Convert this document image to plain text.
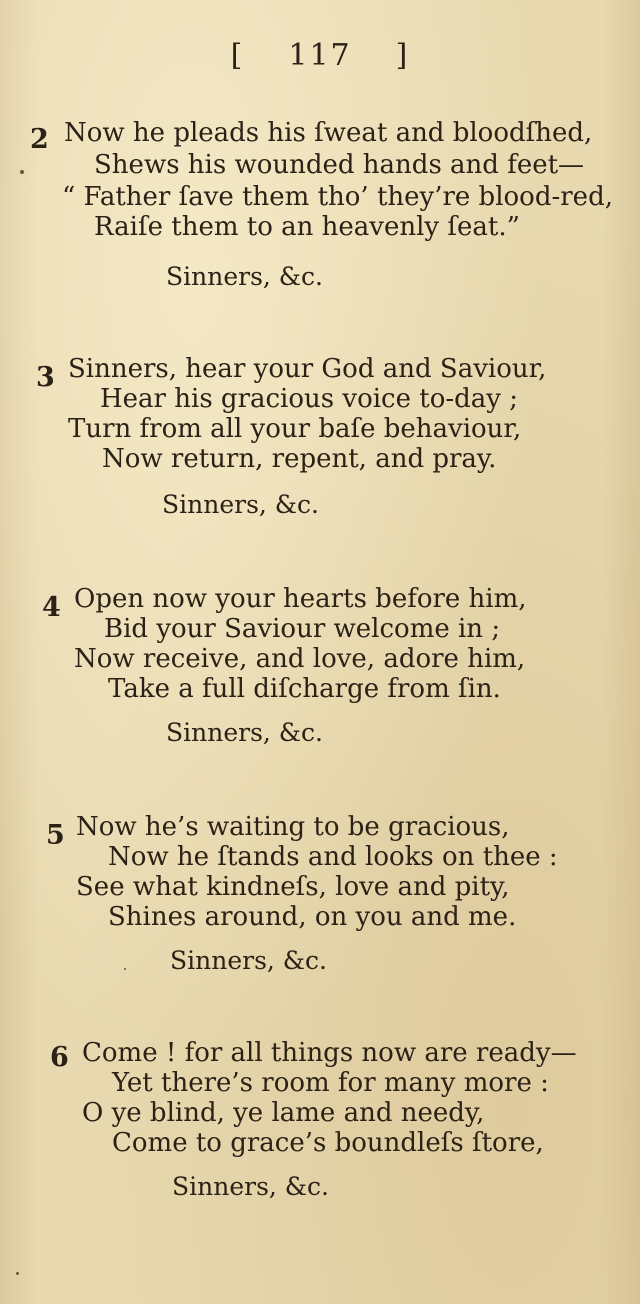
[ 117 ]
2 Now he pleads his ſweat and bloodſhed,
Shews his wounded hands and feet—
“ Father ſave them tho’ they’re blood-red,
Raiſe them to an heavenly ſeat.”
Sinners, &c.
3 Sinners, hear your God and Saviour,
Hear his gracious voice to-day ;
Turn from all your baſe behaviour,
Now return, repent, and pray.
Sinners, &c.
4 Open now your hearts before him,
Bid your Saviour welcome in ;
Now receive, and love, adore him,
Take a full diſcharge from ſin.
Sinners, &c.
5 Now he’s waiting to be gracious,
Now he ſtands and looks on thee :
See what kindneſs, love and pity,
Shines around, on you and me.
Sinners, &c.
6 Come ! for all things now are ready—
Yet there’s room for many more :
O ye blind, ye lame and needy,
Come to grace’s boundleſs ſtore,
Sinners, &c.
